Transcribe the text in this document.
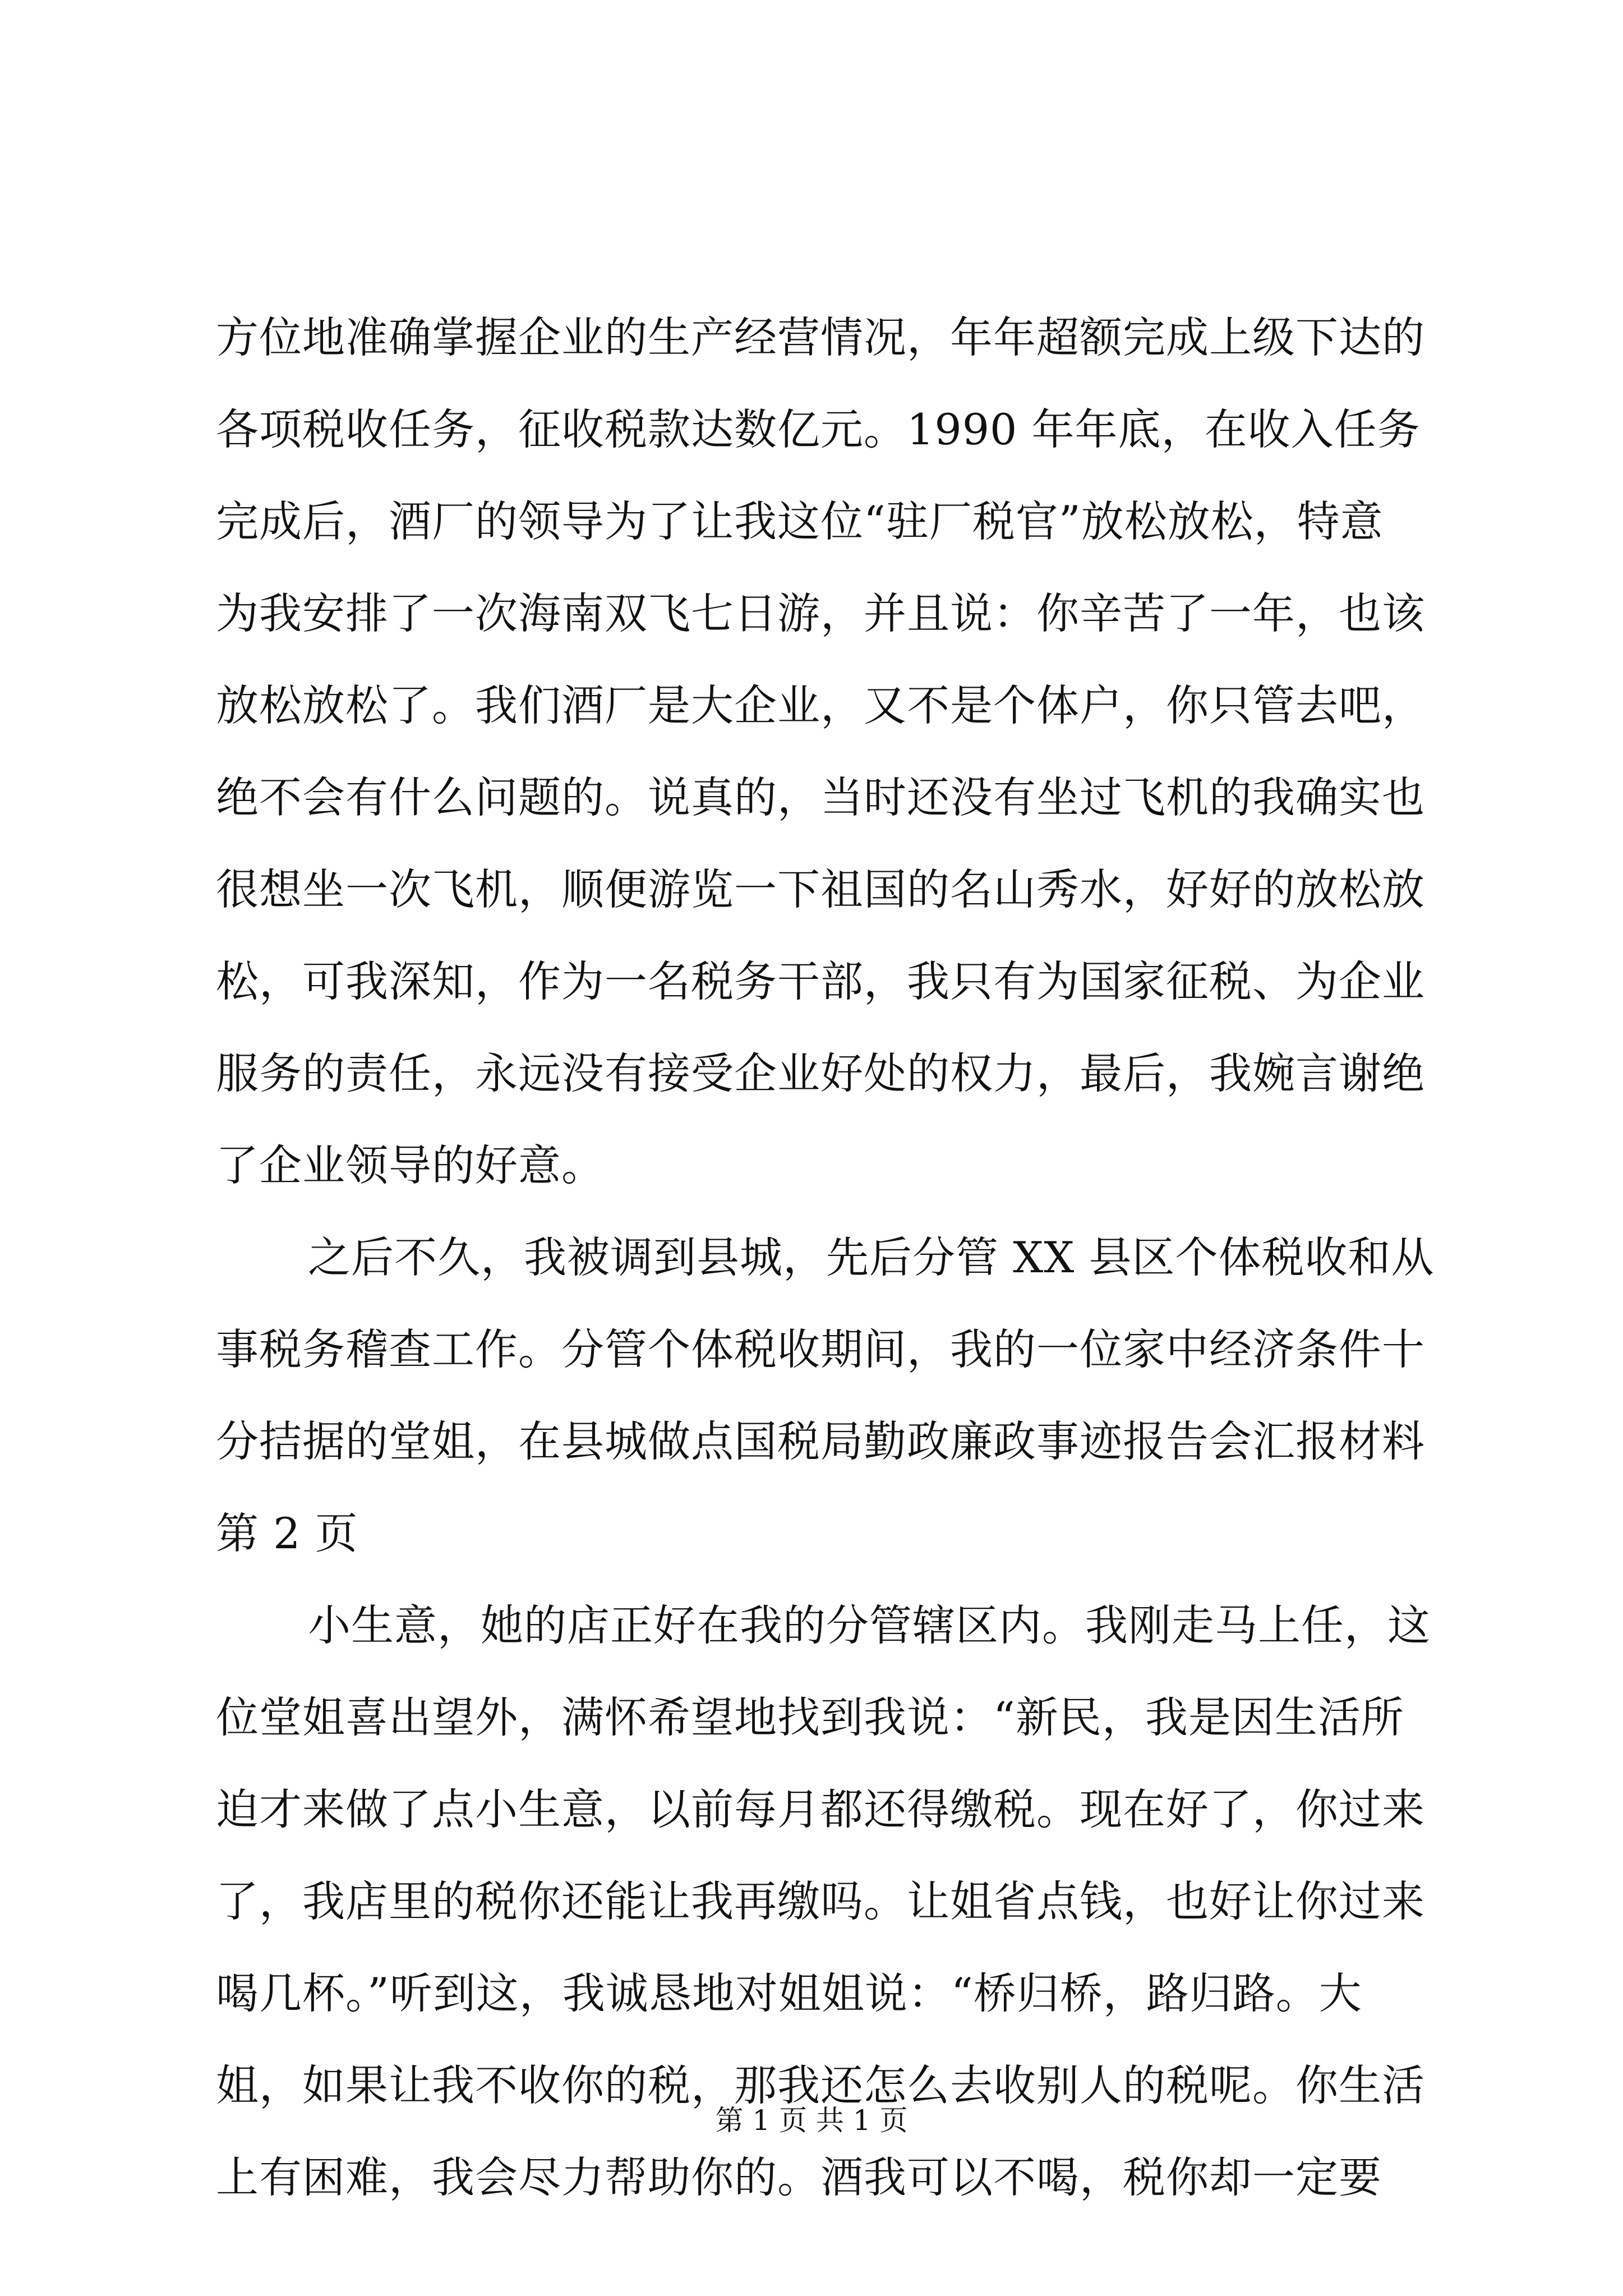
方位地准确掌握企业的生产经营情况，年年超额完成上级下达的
各项税收任务，征收税款达数亿元。1990 年年底，在收入任务
完成后，酒厂的领导为了让我这位“驻厂税官”放松放松，特意
为我安排了一次海南双飞七日游，并且说：你辛苦了一年，也该
放松放松了。我们酒厂是大企业，又不是个体户，你只管去吧，
绝不会有什么问题的。说真的，当时还没有坐过飞机的我确实也
很想坐一次飞机，顺便游览一下祖国的名山秀水，好好的放松放
松，可我深知，作为一名税务干部，我只有为国家征税、为企业
服务的责任，永远没有接受企业好处的权力，最后，我婉言谢绝
了企业领导的好意。
之后不久，我被调到县城，先后分管 XX 县区个体税收和从
事税务稽查工作。分管个体税收期间，我的一位家中经济条件十
分拮据的堂姐，在县城做点国税局勤政廉政事迹报告会汇报材料
第 2 页
小生意，她的店正好在我的分管辖区内。我刚走马上任，这
位堂姐喜出望外，满怀希望地找到我说：“新民，我是因生活所
迫才来做了点小生意，以前每月都还得缴税。现在好了，你过来
了，我店里的税你还能让我再缴吗。让姐省点钱，也好让你过来
喝几杯。”听到这，我诚恳地对姐姐说：“桥归桥，路归路。大
姐，如果让我不收你的税，那我还怎么去收别人的税呢。你生活
上有困难，我会尽力帮助你的。酒我可以不喝，税你却一定要
第 1 页 共 1 页
